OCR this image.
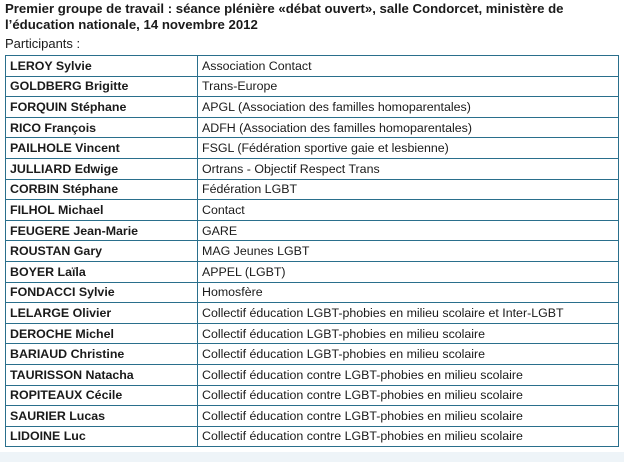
Premier groupe de travail : séance plénière «débat ouvert», salle Condorcet, ministère de l’éducation nationale, 14 novembre 2012
Participants :
LEROY Sylvie	Association Contact
GOLDBERG Brigitte	Trans-Europe
FORQUIN Stéphane	APGL (Association des familles homoparentales)
RICO François	ADFH (Association des familles homoparentales)
PAILHOLE Vincent	FSGL (Fédération sportive gaie et lesbienne)
JULLIARD Edwige	Ortrans - Objectif Respect Trans
CORBIN Stéphane	Fédération LGBT
FILHOL Michael	Contact
FEUGERE Jean-Marie	GARE
ROUSTAN Gary	MAG Jeunes LGBT
BOYER Laïla	APPEL (LGBT)
FONDACCI Sylvie	Homosfère
LELARGE Olivier	Collectif éducation LGBT-phobies en milieu scolaire et Inter-LGBT
DEROCHE Michel	Collectif éducation LGBT-phobies en milieu scolaire
BARIAUD Christine	Collectif éducation LGBT-phobies en milieu scolaire
TAURISSON Natacha	Collectif éducation contre LGBT-phobies en milieu scolaire
ROPITEAUX Cécile	Collectif éducation contre LGBT-phobies en milieu scolaire
SAURIER Lucas	Collectif éducation contre LGBT-phobies en milieu scolaire
LIDOINE Luc	Collectif éducation contre LGBT-phobies en milieu scolaire
